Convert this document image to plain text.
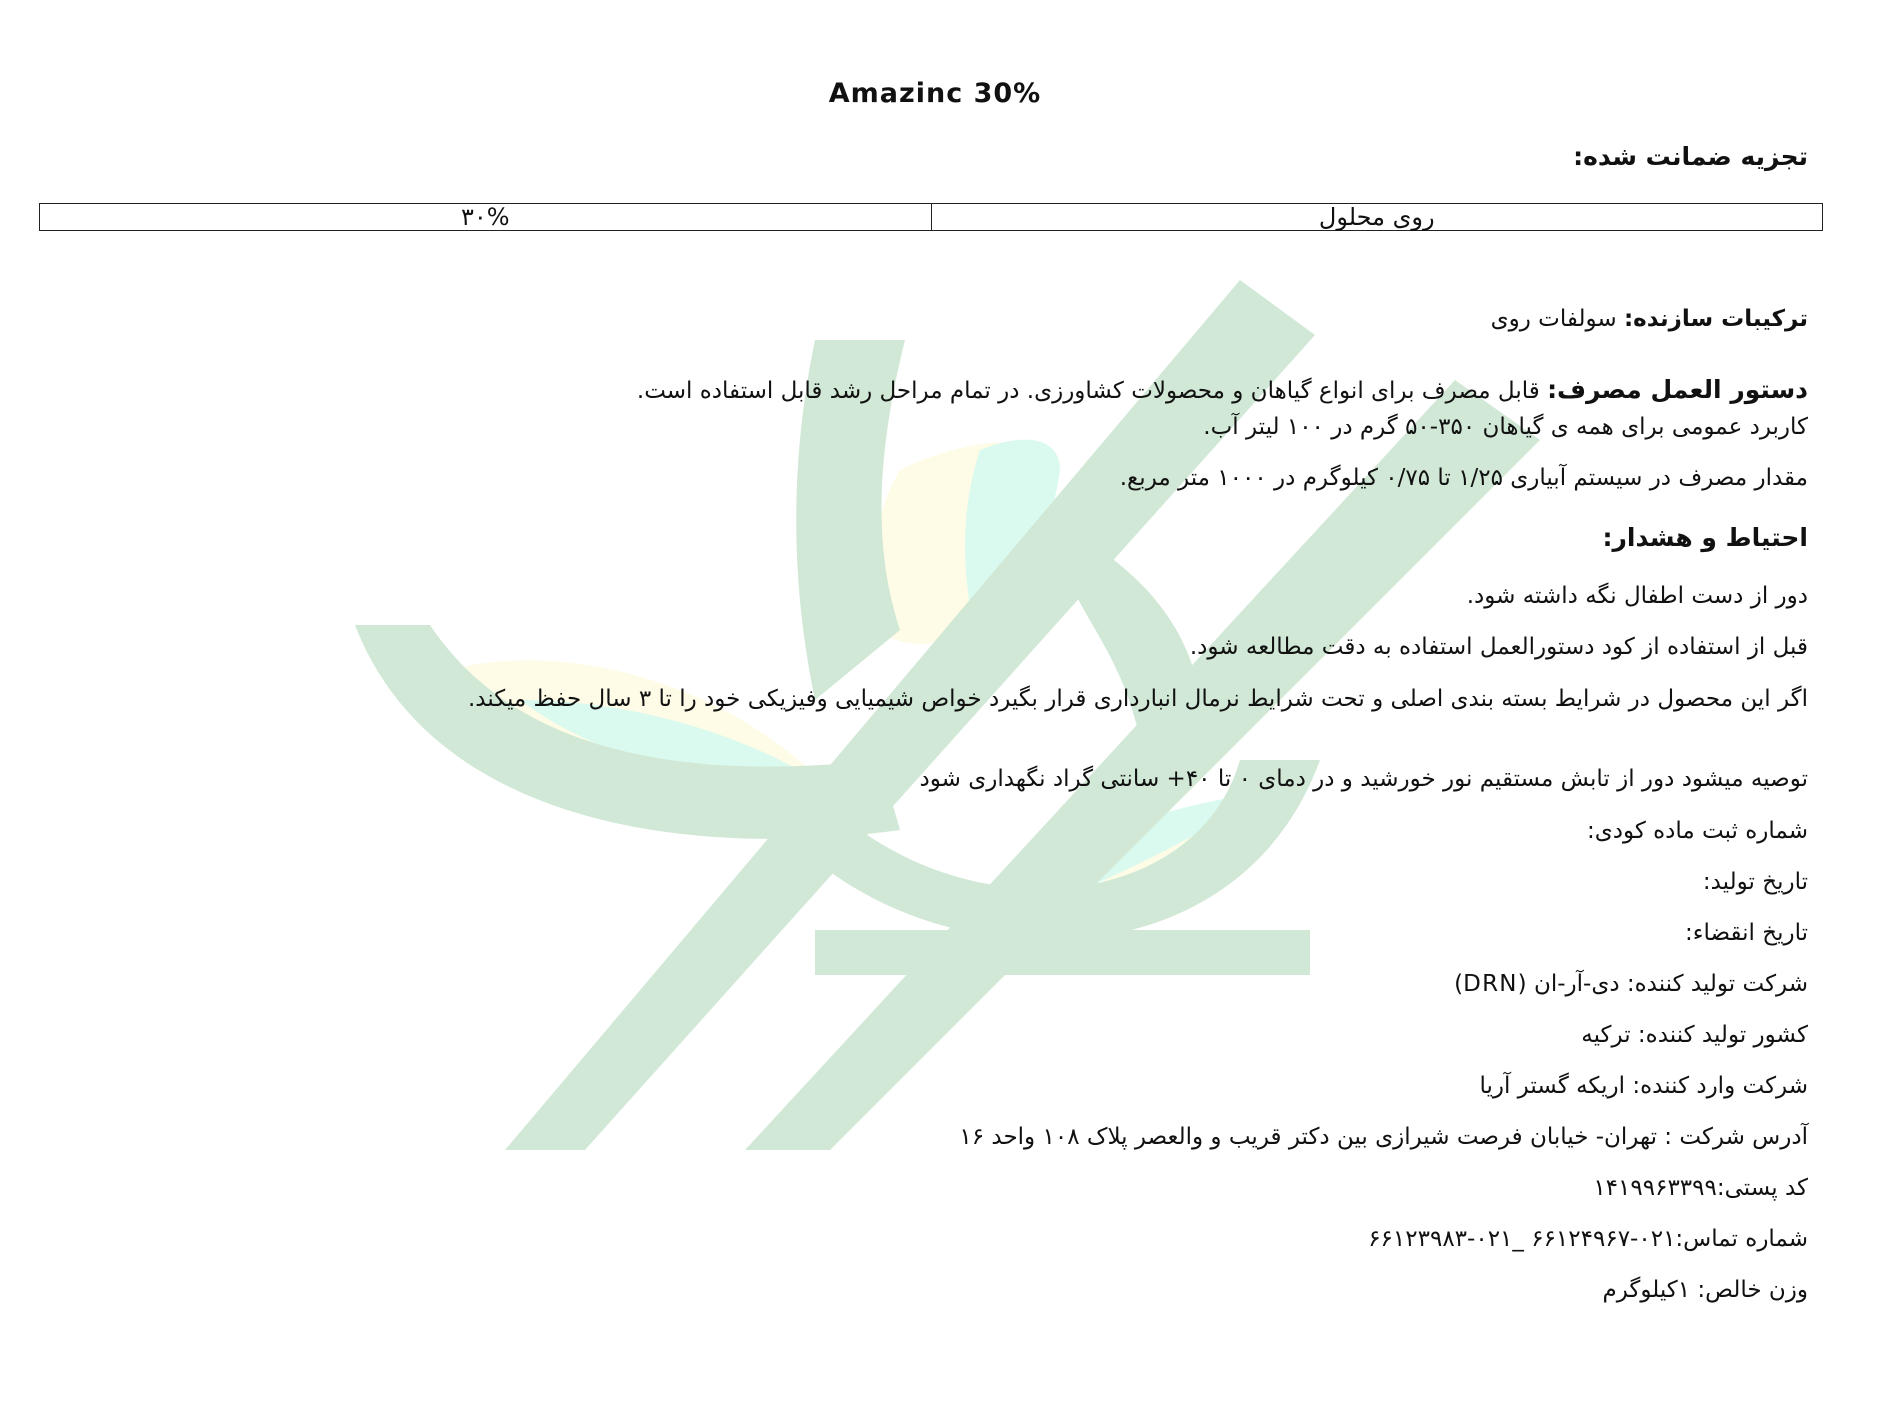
Amazinc 30%
تجزیه ضمانت شده:
روی محلول	۳۰%
ترکیبات سازنده: سولفات روی
دستور العمل مصرف: قابل مصرف برای انواع گیاهان و محصولات کشاورزی. در تمام مراحل رشد قابل استفاده است.
کاربرد عمومی برای همه ی گیاهان ۳۵۰-۵۰ گرم در ۱۰۰ لیتر آب.
مقدار مصرف در سیستم آبیاری ۱/۲۵ تا ۰/۷۵ کیلوگرم در ۱۰۰۰ متر مربع.
احتیاط و هشدار:
دور از دست اطفال نگه داشته شود.
قبل از استفاده از کود دستورالعمل استفاده به دقت مطالعه شود.
اگر این محصول در شرایط بسته بندی اصلی و تحت شرایط نرمال انبارداری قرار بگیرد خواص شیمیایی وفیزیکی خود را تا ۳ سال حفظ میکند.
توصیه میشود دور از تابش مستقیم نور خورشید و در دمای ۰ تا ۴۰+ سانتی گراد نگهداری شود
شماره ثبت ماده کودی:
تاریخ تولید:
تاریخ انقضاء:
شرکت تولید کننده: دی-آر-ان (DRN)
کشور تولید کننده: ترکیه
شرکت وارد کننده: اریکه گستر آریا
آدرس شرکت : تهران- خیابان فرصت شیرازی بین دکتر قریب و والعصر پلاک ۱۰۸ واحد ۱۶
کد پستی:۱۴۱۹۹۶۳۳۹۹
شماره تماس:۰۲۱-۶۶۱۲۴۹۶۷ _۰۲۱-۶۶۱۲۳۹۸۳
وزن خالص: ۱کیلوگرم
